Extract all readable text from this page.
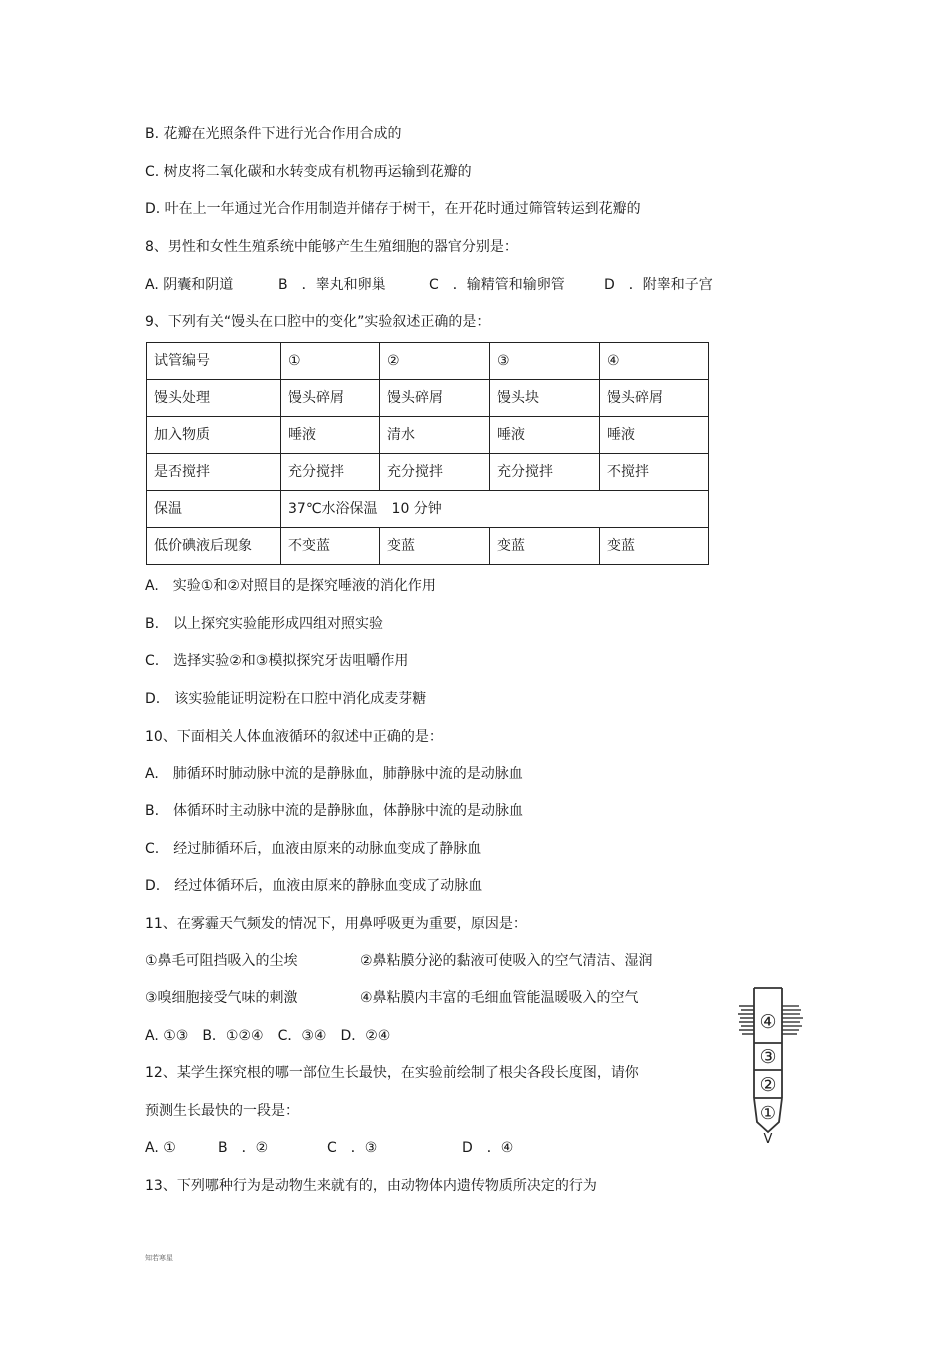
B. 花瓣在光照条件下进行光合作用合成的
C. 树皮将二氧化碳和水转变成有机物再运输到花瓣的
D. 叶在上一年通过光合作用制造并储存于树干，在开花时通过筛管转运到花瓣的
8、男性和女性生殖系统中能够产生生殖细胞的器官分别是：
A. 阴囊和阴道	B　．睾丸和卵巢	C　．输精管和输卵管	D　．附睾和子宫
9、下列有关“馒头在口腔中的变化”实验叙述正确的是：
试管编号	①	②	③	④
馒头处理	馒头碎屑	馒头碎屑	馒头块	馒头碎屑
加入物质	唾液	清水	唾液	唾液
是否搅拌	充分搅拌	充分搅拌	充分搅拌	不搅拌
保温	37℃水浴保温　10 分钟			
低价碘液后现象	不变蓝	变蓝	变蓝	变蓝
A.　实验①和②对照目的是探究唾液的消化作用
B.　以上探究实验能形成四组对照实验
C.　选择实验②和③模拟探究牙齿咀嚼作用
D.　该实验能证明淀粉在口腔中消化成麦芽糖
10、下面相关人体血液循环的叙述中正确的是：
A.　肺循环时肺动脉中流的是静脉血，肺静脉中流的是动脉血
B.　体循环时主动脉中流的是静脉血，体静脉中流的是动脉血
C.　经过肺循环后，血液由原来的动脉血变成了静脉血
D.　经过体循环后，血液由原来的静脉血变成了动脉血
11、在雾霾天气频发的情况下，用鼻呼吸更为重要，原因是：
①鼻毛可阻挡吸入的尘埃	②鼻粘膜分泌的黏液可使吸入的空气清洁、湿润
③嗅细胞接受气味的刺激	④鼻粘膜内丰富的毛细血管能温暖吸入的空气
A. ①③　B．①②④　C．③④　D．②④
12、某学生探究根的哪一部位生长最快，在实验前绘制了根尖各段长度图，请你
预测生长最快的一段是：
A. ①	B　．②	C　．③	D　．④
13、下列哪种行为是动物生来就有的，由动物体内遗传物质所决定的行为
④
③
②
①
V
知若寒星
